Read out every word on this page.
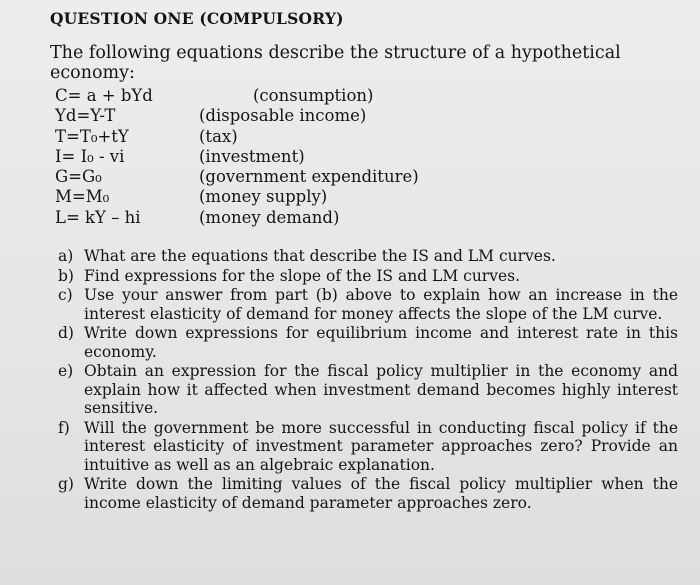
QUESTION ONE (COMPULSORY)
The following equations describe the structure of a hypothetical economy:
C= a + bYd	(consumption)
Yd=Y-T	(disposable income)
T=T₀+tY	(tax)
I= I₀ - vi	(investment)
G=G₀	(government expenditure)
M=M₀	(money supply)
L= kY – hi	(money demand)
a) What are the equations that describe the IS and LM curves.
b) Find expressions for the slope of the IS and LM curves.
c) Use your answer from part (b) above to explain how an increase in the interest elasticity of demand for money affects the slope of the LM curve.
d) Write down expressions for equilibrium income and interest rate in this economy.
e) Obtain an expression for the fiscal policy multiplier in the economy and explain how it affected when investment demand becomes highly interest sensitive.
f) Will the government be more successful in conducting fiscal policy if the interest elasticity of investment parameter approaches zero? Provide an intuitive as well as an algebraic explanation.
g) Write down the limiting values of the fiscal policy multiplier when the income elasticity of demand parameter approaches zero.
